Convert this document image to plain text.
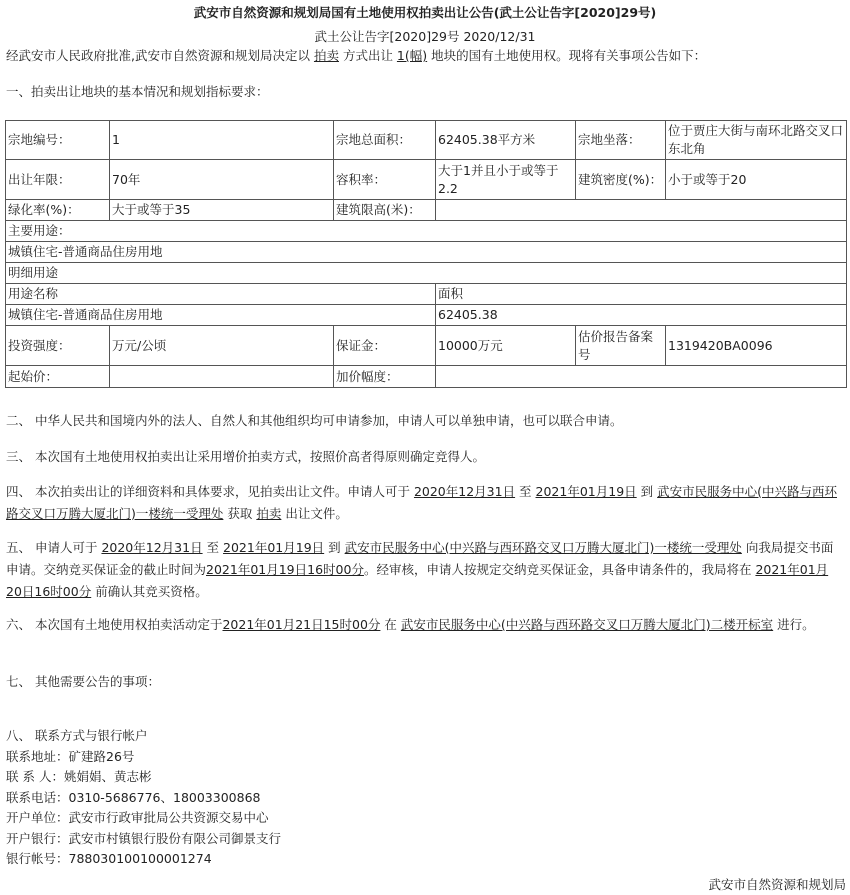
武安市自然资源和规划局国有土地使用权拍卖出让公告(武土公让告字[2020]29号)
武土公让告字[2020]29号 2020/12/31
经武安市人民政府批准,武安市自然资源和规划局决定以 拍卖 方式出让 1(幅) 地块的国有土地使用权。现将有关事项公告如下：
一、拍卖出让地块的基本情况和规划指标要求：
宗地编号：	1	宗地总面积：	62405.38平方米	宗地坐落：	位于贾庄大街与南环北路交叉口东北角
出让年限：	70年	容积率：	大于1并且小于或等于2.2	建筑密度(%)：	小于或等于20
绿化率(%)：	大于或等于35	建筑限高(米)：			
主要用途：					
城镇住宅-普通商品住房用地					
明细用途					
用途名称			面积		
城镇住宅-普通商品住房用地			62405.38		
投资强度：	万元/公顷	保证金：	10000万元	估价报告备案号	1319420BA0096
起始价：		加价幅度：			
二、 中华人民共和国境内外的法人、自然人和其他组织均可申请参加，申请人可以单独申请，也可以联合申请。
三、 本次国有土地使用权拍卖出让采用增价拍卖方式，按照价高者得原则确定竞得人。
四、 本次拍卖出让的详细资料和具体要求，见拍卖出让文件。申请人可于 2020年12月31日 至 2021年01月19日 到 武安市民服务中心(中兴路与西环路交叉口万腾大厦北门)一楼统一受理处 获取 拍卖 出让文件。
五、 申请人可于 2020年12月31日 至 2021年01月19日 到 武安市民服务中心(中兴路与西环路交叉口万腾大厦北门)一楼统一受理处 向我局提交书面申请。交纳竞买保证金的截止时间为2021年01月19日16时00分。经审核，申请人按规定交纳竞买保证金，具备申请条件的，我局将在 2021年01月20日16时00分 前确认其竞买资格。
六、 本次国有土地使用权拍卖活动定于2021年01月21日15时00分 在 武安市民服务中心(中兴路与西环路交叉口万腾大厦北门)二楼开标室 进行。
七、 其他需要公告的事项：
八、 联系方式与银行帐户
联系地址：矿建路26号
联 系 人：姚娟娟、黄志彬
联系电话：0310-5686776、18003300868
开户单位：武安市行政审批局公共资源交易中心
开户银行：武安市村镇银行股份有限公司御景支行
银行帐号：788030100100001274
武安市自然资源和规划局
